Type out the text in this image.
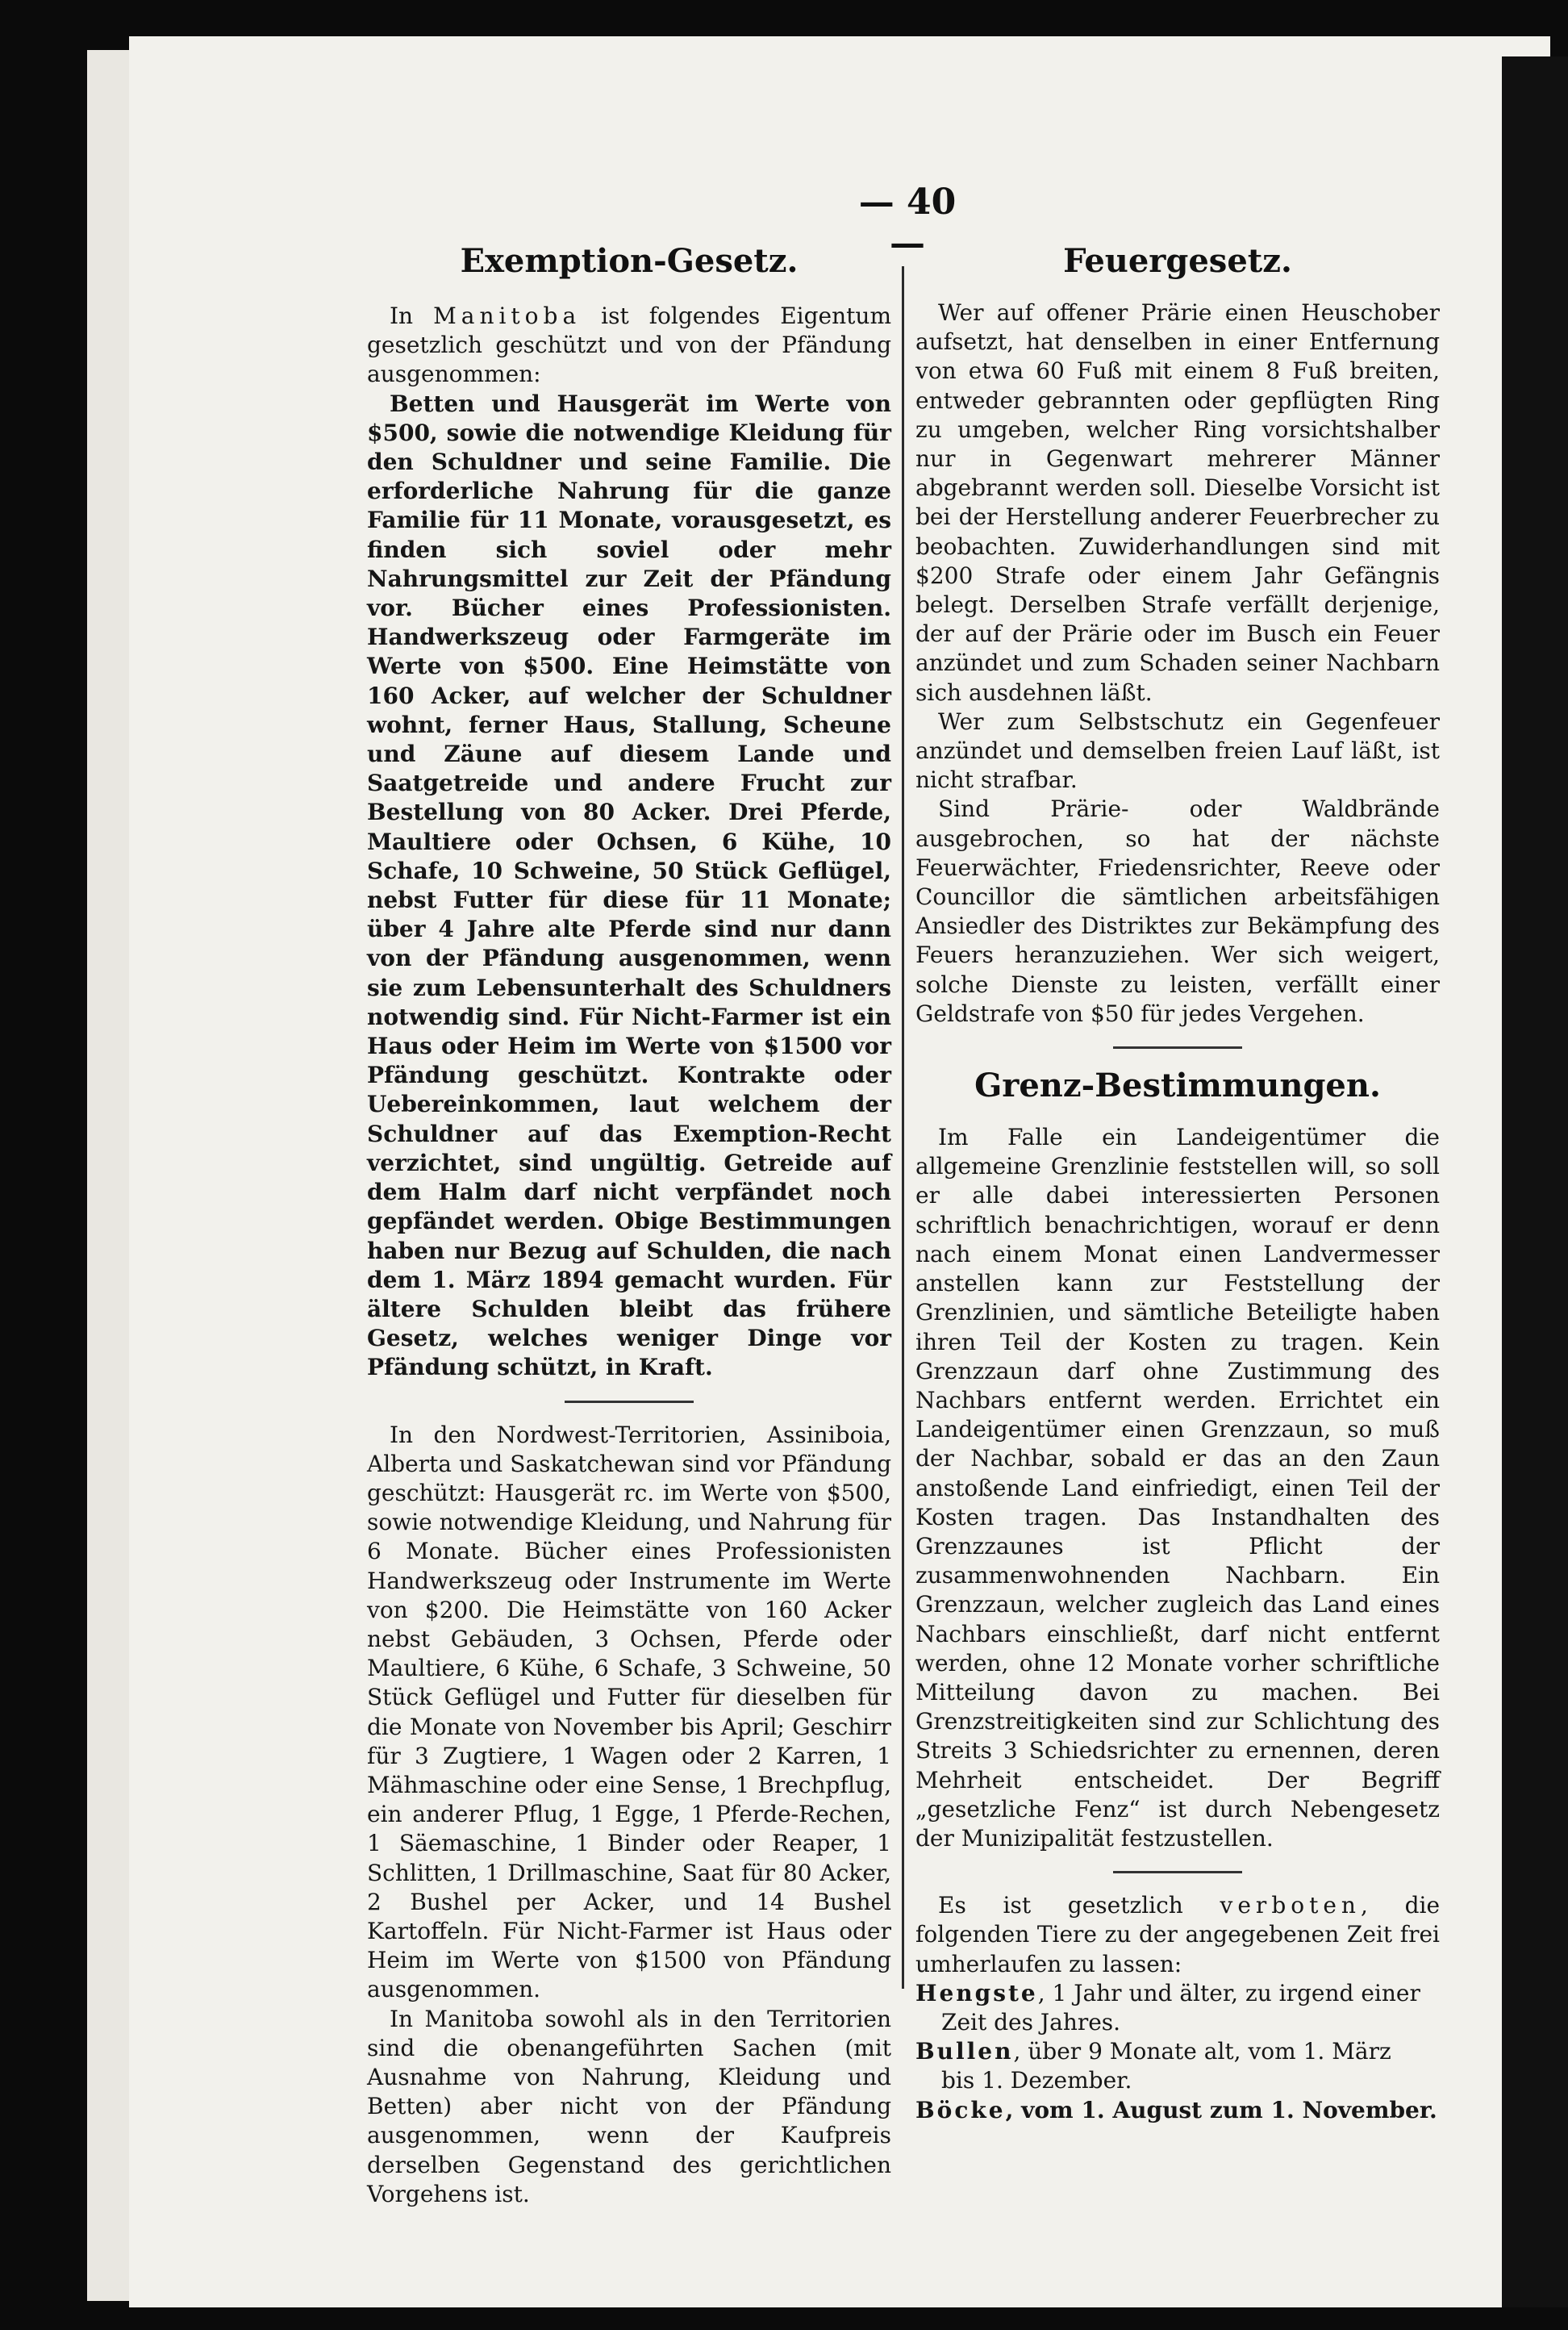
— 40 —
Exemption-Gesetz.

In Manitoba ist folgendes Eigentum gesetzlich geschützt und von der Pfändung ausgenommen:

Betten und Hausgerät im Werte von $500, sowie die notwendige Kleidung für den Schuldner und seine Familie. Die erforderliche Nahrung für die ganze Familie für 11 Monate, vorausgesetzt, es finden sich soviel oder mehr Nahrungsmittel zur Zeit der Pfändung vor. Bücher eines Professionisten. Handwerkszeug oder Farmgeräte im Werte von $500. Eine Heimstätte von 160 Acker, auf welcher der Schuldner wohnt, ferner Haus, Stallung, Scheune und Zäune auf diesem Lande und Saatgetreide und andere Frucht zur Bestellung von 80 Acker. Drei Pferde, Maultiere oder Ochsen, 6 Kühe, 10 Schafe, 10 Schweine, 50 Stück Geflügel, nebst Futter für diese für 11 Monate; über 4 Jahre alte Pferde sind nur dann von der Pfändung ausgenommen, wenn sie zum Lebensunterhalt des Schuldners notwendig sind. Für Nicht-Farmer ist ein Haus oder Heim im Werte von $1500 vor Pfändung geschützt. Kontrakte oder Uebereinkommen, laut welchem der Schuldner auf das Exemption-Recht verzichtet, sind ungültig. Getreide auf dem Halm darf nicht verpfändet noch gepfändet werden. Obige Bestimmungen haben nur Bezug auf Schulden, die nach dem 1. März 1894 gemacht wurden. Für ältere Schulden bleibt das frühere Gesetz, welches weniger Dinge vor Pfändung schützt, in Kraft.

In den Nordwest-Territorien, Assiniboia, Alberta und Saskatchewan sind vor Pfändung geschützt: Hausgerät rc. im Werte von $500, sowie notwendige Kleidung, und Nahrung für 6 Monate. Bücher eines Professionisten Handwerkszeug oder Instrumente im Werte von $200. Die Heimstätte von 160 Acker nebst Gebäuden, 3 Ochsen, Pferde oder Maultiere, 6 Kühe, 6 Schafe, 3 Schweine, 50 Stück Geflügel und Futter für dieselben für die Monate von November bis April; Geschirr für 3 Zugtiere, 1 Wagen oder 2 Karren, 1 Mähmaschine oder eine Sense, 1 Brechpflug, ein anderer Pflug, 1 Egge, 1 Pferde-Rechen, 1 Säemaschine, 1 Binder oder Reaper, 1 Schlitten, 1 Drillmaschine, Saat für 80 Acker, 2 Bushel per Acker, und 14 Bushel Kartoffeln. Für Nicht-Farmer ist Haus oder Heim im Werte von $1500 von Pfändung ausgenommen.

In Manitoba sowohl als in den Territorien sind die obenangeführten Sachen (mit Ausnahme von Nahrung, Kleidung und Betten) aber nicht von der Pfändung ausgenommen, wenn der Kaufpreis derselben Gegenstand des gerichtlichen Vorgehens ist.

Feuergesetz.

Wer auf offener Prärie einen Heuschober aufsetzt, hat denselben in einer Entfernung von etwa 60 Fuß mit einem 8 Fuß breiten, entweder gebrannten oder gepflügten Ring zu umgeben, welcher Ring vorsichtshalber nur in Gegenwart mehrerer Männer abgebrannt werden soll. Dieselbe Vorsicht ist bei der Herstellung anderer Feuerbrecher zu beobachten. Zuwiderhandlungen sind mit $200 Strafe oder einem Jahr Gefängnis belegt. Derselben Strafe verfällt derjenige, der auf der Prärie oder im Busch ein Feuer anzündet und zum Schaden seiner Nachbarn sich ausdehnen läßt.

Wer zum Selbstschutz ein Gegenfeuer anzündet und demselben freien Lauf läßt, ist nicht strafbar.

Sind Prärie- oder Waldbrände ausgebrochen, so hat der nächste Feuerwächter, Friedensrichter, Reeve oder Councillor die sämtlichen arbeitsfähigen Ansiedler des Distriktes zur Bekämpfung des Feuers heranzuziehen. Wer sich weigert, solche Dienste zu leisten, verfällt einer Geldstrafe von $50 für jedes Vergehen.

Grenz-Bestimmungen.

Im Falle ein Landeigentümer die allgemeine Grenzlinie feststellen will, so soll er alle dabei interessierten Personen schriftlich benachrichtigen, worauf er denn nach einem Monat einen Landvermesser anstellen kann zur Feststellung der Grenzlinien, und sämtliche Beteiligte haben ihren Teil der Kosten zu tragen. Kein Grenzzaun darf ohne Zustimmung des Nachbars entfernt werden. Errichtet ein Landeigentümer einen Grenzzaun, so muß der Nachbar, sobald er das an den Zaun anstoßende Land einfriedigt, einen Teil der Kosten tragen. Das Instandhalten des Grenzzaunes ist Pflicht der zusammenwohnenden Nachbarn. Ein Grenzzaun, welcher zugleich das Land eines Nachbars einschließt, darf nicht entfernt werden, ohne 12 Monate vorher schriftliche Mitteilung davon zu machen. Bei Grenzstreitigkeiten sind zur Schlichtung des Streits 3 Schiedsrichter zu ernennen, deren Mehrheit entscheidet. Der Begriff „gesetzliche Fenz“ ist durch Nebengesetz der Munizipalität festzustellen.

Es ist gesetzlich verboten, die folgenden Tiere zu der angegebenen Zeit frei umherlaufen zu lassen:

Hengste, 1 Jahr und älter, zu irgend einer
Zeit des Jahres.

Bullen, über 9 Monate alt, vom 1. März
bis 1. Dezember.

Böcke, vom 1. August zum 1. November.
